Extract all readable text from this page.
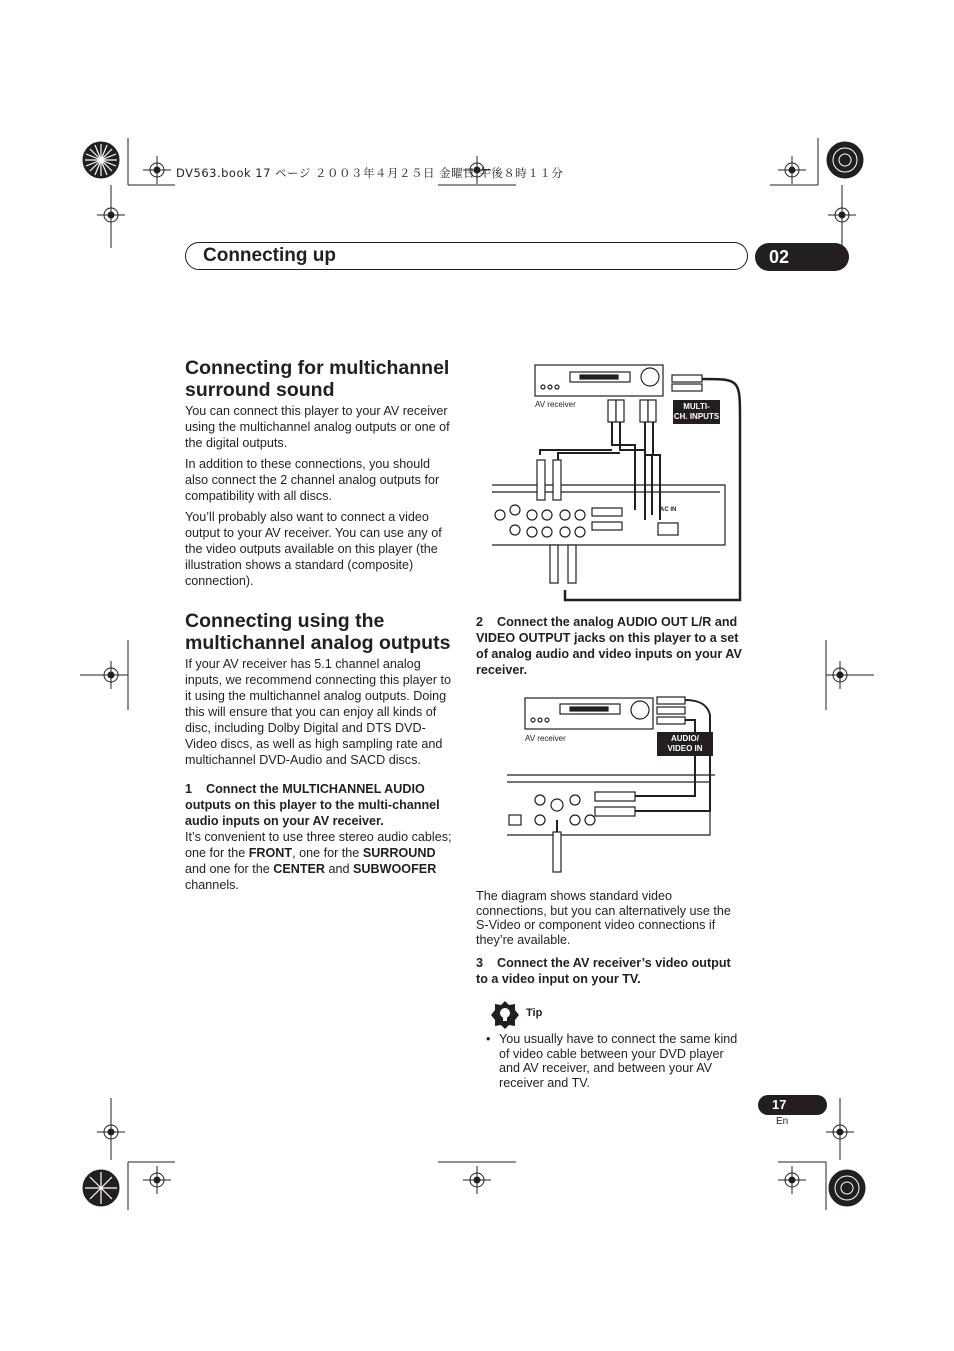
DV563.book 17 ページ ２００３年４月２５日 金曜日 午後８時１１分
Connecting up	02
Connecting for multichannel
surround sound

You can connect this player to your AV receiver using the multichannel analog outputs or one of the digital outputs.

In addition to these connections, you should also connect the 2 channel analog outputs for compatibility with all discs.

You’ll probably also want to connect a video output to your AV receiver. You can use any of the video outputs available on this player (the illustration shows a standard (composite) connection).

Connecting using the
multichannel analog outputs

If your AV receiver has 5.1 channel analog inputs, we recommend connecting this player to it using the multichannel analog outputs. Doing this will ensure that you can enjoy all kinds of disc, including Dolby Digital and DTS DVD-Video discs, as well as high sampling rate and multichannel DVD-Audio and SACD discs.

1 Connect the MULTICHANNEL AUDIO outputs on this player to the multi-channel audio inputs on your AV receiver.
It’s convenient to use three stereo audio cables; one for the FRONT, one for the SURROUND and one for the CENTER and SUBWOOFER channels.
AV receiver	MULTI-
CH. INPUTS
AC IN
2 Connect the analog AUDIO OUT L/R and VIDEO OUTPUT jacks on this player to a set of analog audio and video inputs on your AV receiver.
AV receiver	AUDIO/
VIDEO IN
The diagram shows standard video connections, but you can alternatively use the S-Video or component video connections if they’re available.
3 Connect the AV receiver’s video output to a video input on your TV.
Tip
• You usually have to connect the same kind of video cable between your DVD player and AV receiver, and between your AV receiver and TV.
17
En
